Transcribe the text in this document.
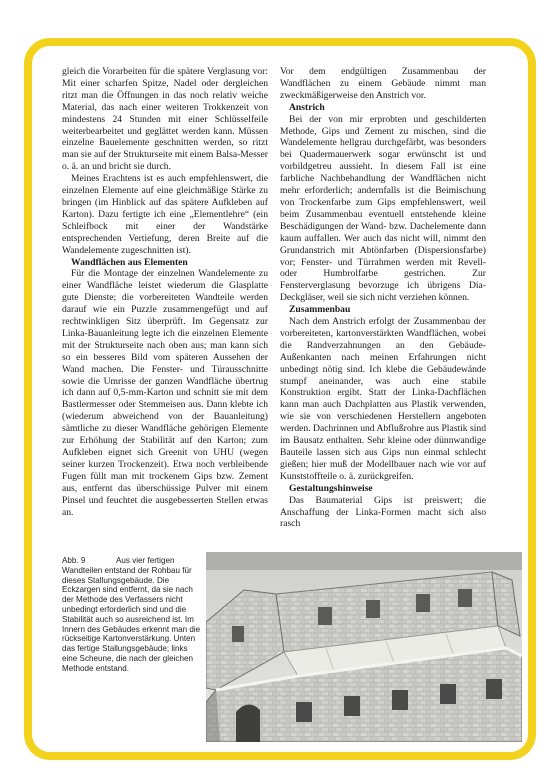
gleich die Vorarbeiten für die spätere Verglasung vor: Mit einer scharfen Spitze, Nadel oder dergleichen ritzt man die Öffnungen in das noch relativ weiche Material, das nach einer weiteren Trokkenzeit von mindestens 24 Stunden mit einer Schlüsselfeile weiterbearbeitet und geglättet werden kann. Müssen einzelne Bauelemente geschnitten werden, so ritzt man sie auf der Strukturseite mit einem Balsa-Messer o. ä. an und bricht sie durch.

Meines Erachtens ist es auch empfehlenswert, die einzelnen Elemente auf eine gleichmäßige Stärke zu bringen (im Hinblick auf das spätere Aufkleben auf Karton). Dazu fertigte ich eine „Elementlehre“ (ein Schleifbock mit einer der Wandstärke entsprechenden Vertiefung, deren Breite auf die Wandelemente zugeschnitten ist).

Wandflächen aus Elementen

Für die Montage der einzelnen Wandelemente zu einer Wandfläche leistet wiederum die Glasplatte gute Dienste; die vorbereiteten Wandteile werden darauf wie ein Puzzle zusammengefügt und auf rechtwinkligen Sitz überprüft. Im Gegensatz zur Linka-Bauanleitung legte ich die einzelnen Elemente mit der Strukturseite nach oben aus; man kann sich so ein besseres Bild vom späteren Aussehen der Wand machen. Die Fenster- und Türausschnitte sowie die Umrisse der ganzen Wandfläche übertrug ich dann auf 0,5-mm-Karton und schnitt sie mit dem Bastlermesser oder Stemmeisen aus. Dann klebte ich (wiederum abweichend von der Bauanleitung) sämtliche zu dieser Wandfläche gehörigen Elemente zur Erhöhung der Stabilität auf den Karton; zum Aufkleben eignet sich Greenit von UHU (wegen seiner kurzen Trockenzeit). Etwa noch verbleibende Fugen füllt man mit trockenem Gips bzw. Zement aus, entfernt das überschüssige Pulver mit einem Pinsel und feuchtet die ausgebesserten Stellen etwas an.

Vor dem endgültigen Zusammenbau der Wandflächen zu einem Gebäude nimmt man zweckmäßigerweise den Anstrich vor.

Anstrich

Bei der von mir erprobten und geschilderten Methode, Gips und Zement zu mischen, sind die Wandelemente hellgrau durchgefärbt, was besonders bei Quadermauerwerk sogar erwünscht ist und vorbildgetreu aussieht. In diesem Fall ist eine farbliche Nachbehandlung der Wandflächen nicht mehr erforderlich; andernfalls ist die Beimischung von Trockenfarbe zum Gips empfehlenswert, weil beim Zusammenbau eventuell entstehende kleine Beschädigungen der Wand- bzw. Dachelemente dann kaum auffallen. Wer auch das nicht will, nimmt den Grundanstrich mit Abtönfarben (Dispersionsfarbe) vor; Fenster- und Türrahmen werden mit Revell- oder Humbrolfarbe gestrichen. Zur Fensterverglasung bevorzuge ich übrigens Dia-Deckgläser, weil sie sich nicht verziehen können.

Zusammenbau

Nach dem Anstrich erfolgt der Zusammenbau der vorbereiteten, kartonverstärkten Wandflächen, wobei die Randverzahnungen an den Gebäude-Außenkanten nach meinen Erfahrungen nicht unbedingt nötig sind. Ich klebe die Gebäudewände stumpf aneinander, was auch eine stabile Konstruktion ergibt. Statt der Linka-Dachflächen kann man auch Dachplatten aus Plastik verwenden, wie sie von verschiedenen Herstellern angeboten werden. Dachrinnen und Abflußrohre aus Plastik sind im Bausatz enthalten. Sehr kleine oder dünnwandige Bauteile lassen sich aus Gips nun einmal schlecht gießen; hier muß der Modellbauer nach wie vor auf Kunststoffteile o. ä. zurückgreifen.

Gestaltungshinweise

Das Baumaterial Gips ist preiswert; die Anschaffung der Linka-Formen macht sich also rasch

Abb. 9	Aus vier fertigen Wandteilen entstand der Rohbau für dieses Stallungsgebäude. Die Eckzargen sind entfernt, da sie nach der Methode des Verfassers nicht unbedingt erforderlich sind und die Stabilität auch so ausreichend ist. Im Innern des Gebäudes erkennt man die rückseitige Kartonverstärkung. Unten das fertige Stallungsgebäude; links eine Scheune, die nach der gleichen Methode entstand.
